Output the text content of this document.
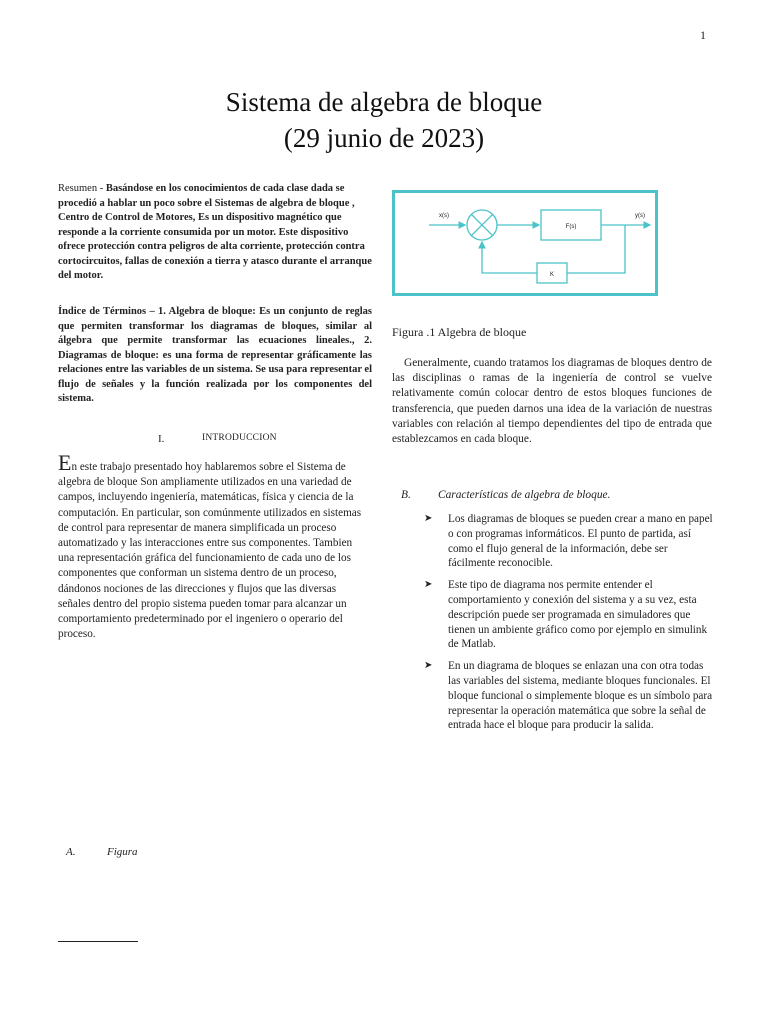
1
Sistema de algebra de bloque
(29 junio de 2023)
Resumen - Basándose en los conocimientos de cada clase dada se procedió a hablar un poco sobre el Sistemas de algebra de bloque , Centro de Control de Motores, Es un dispositivo magnético que responde a la corriente consumida por un motor. Este dispositivo ofrece protección contra peligros de alta corriente, protección contra cortocircuitos, fallas de conexión a tierra y atasco durante el arranque del motor.
Índice de Términos – 1. Algebra de bloque: Es un conjunto de reglas que permiten transformar los diagramas de bloques, similar al álgebra que permite transformar las ecuaciones lineales., 2. Diagramas de bloque: es una forma de representar gráficamente las relaciones entre las variables de un sistema. Se usa para representar el flujo de señales y la función realizada por los componentes del sistema.
I.	INTRODUCCION
En este trabajo presentado hoy hablaremos sobre el Sistema de algebra de bloque Son ampliamente utilizados en una variedad de campos, incluyendo ingeniería, matemáticas, física y ciencia de la computación. En particular, son comúnmente utilizados en sistemas de control para representar de manera simplificada un proceso automatizado y las interacciones entre sus componentes. Tambien una representación gráfica del funcionamiento de cada uno de los componentes que conforman un sistema dentro de un proceso, dándonos nociones de las direcciones y flujos que las diversas señales dentro del propio sistema pueden tomar para alcanzar un comportamiento predeterminado por el ingeniero o operario del proceso.
A.	Figura
x(s)
F(s)
y(s)
K
Figura .1 Algebra de bloque
Generalmente, cuando tratamos los diagramas de bloques dentro de las disciplinas o ramas de la ingeniería de control se vuelve relativamente común colocar dentro de estos bloques funciones de transferencia, que pueden darnos una idea de la variación de nuestras variables con relación al tiempo dependientes del tipo de entrada que establezcamos en cada bloque.
B. Características de algebra de bloque.
➤ Los diagramas de bloques se pueden crear a mano en papel o con programas informáticos. El punto de partida, así como el flujo general de la información, debe ser fácilmente reconocible.
➤ Este tipo de diagrama nos permite entender el comportamiento y conexión del sistema y a su vez, esta descripción puede ser programada en simuladores que tienen un ambiente gráfico como por ejemplo en simulink de Matlab.
➤ En un diagrama de bloques se enlazan una con otra todas las variables del sistema, mediante bloques funcionales. El bloque funcional o simplemente bloque es un símbolo para representar la operación matemática que sobre la señal de entrada hace el bloque para producir la salida.
